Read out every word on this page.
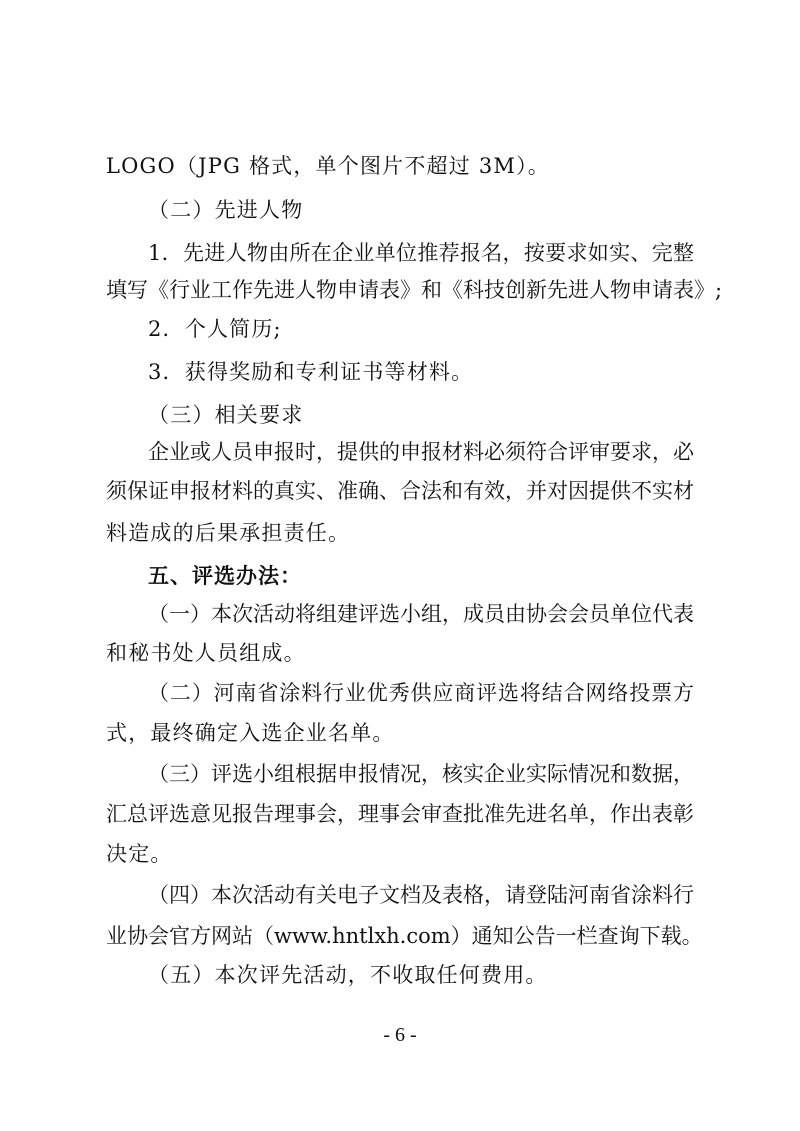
LOGO（JPG 格式，单个图片不超过 3M）。
（二）先进人物
1．先进人物由所在企业单位推荐报名，按要求如实、完整
填写《行业工作先进人物申请表》和《科技创新先进人物申请表》;
2．个人简历;
3．获得奖励和专利证书等材料。
（三）相关要求
企业或人员申报时，提供的申报材料必须符合评审要求，必
须保证申报材料的真实、准确、合法和有效，并对因提供不实材
料造成的后果承担责任。
五、评选办法：
（一）本次活动将组建评选小组，成员由协会会员单位代表
和秘书处人员组成。
（二）河南省涂料行业优秀供应商评选将结合网络投票方
式，最终确定入选企业名单。
（三）评选小组根据申报情况，核实企业实际情况和数据，
汇总评选意见报告理事会，理事会审查批准先进名单，作出表彰
决定。
（四）本次活动有关电子文档及表格，请登陆河南省涂料行
业协会官方网站（www.hntlxh.com）通知公告一栏查询下载。
（五）本次评先活动，不收取任何费用。
- 6 -
